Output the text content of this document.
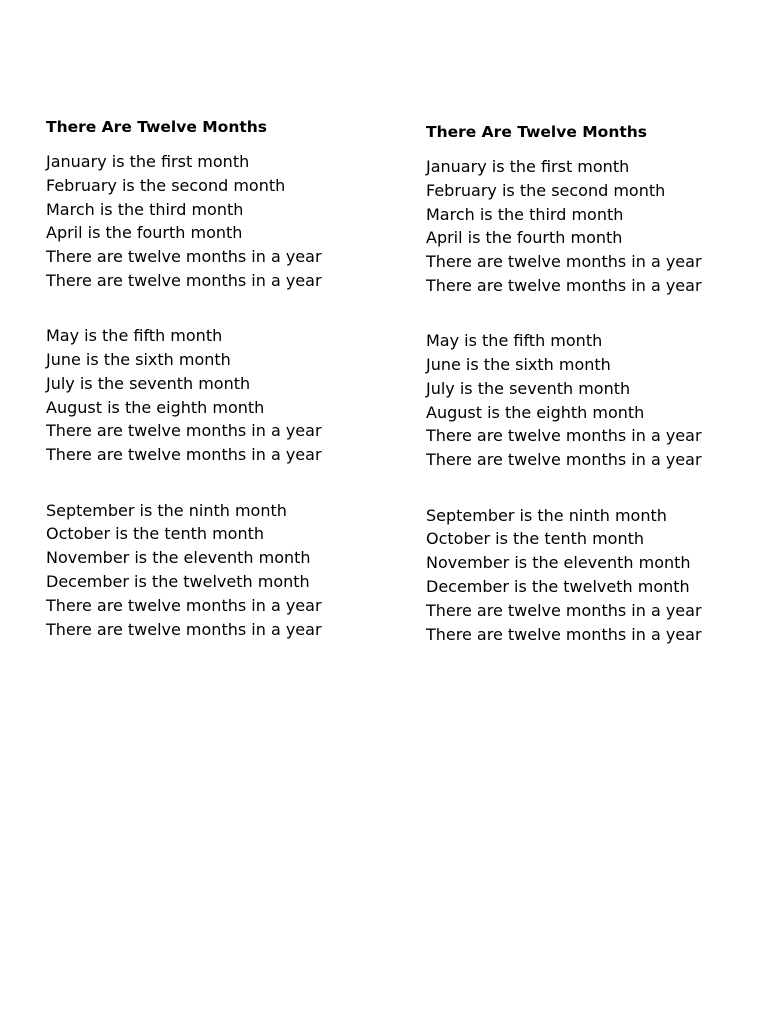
There Are Twelve Months
January is the first month
February is the second month
March is the third month
April is the fourth month
There are twelve months in a year
There are twelve months in a year
May is the fifth month
June is the sixth month
July is the seventh month
August is the eighth month
There are twelve months in a year
There are twelve months in a year
September is the ninth month
October is the tenth month
November is the eleventh month
December is the twelveth month
There are twelve months in a year
There are twelve months in a year
There Are Twelve Months
January is the first month
February is the second month
March is the third month
April is the fourth month
There are twelve months in a year
There are twelve months in a year
May is the fifth month
June is the sixth month
July is the seventh month
August is the eighth month
There are twelve months in a year
There are twelve months in a year
September is the ninth month
October is the tenth month
November is the eleventh month
December is the twelveth month
There are twelve months in a year
There are twelve months in a year
